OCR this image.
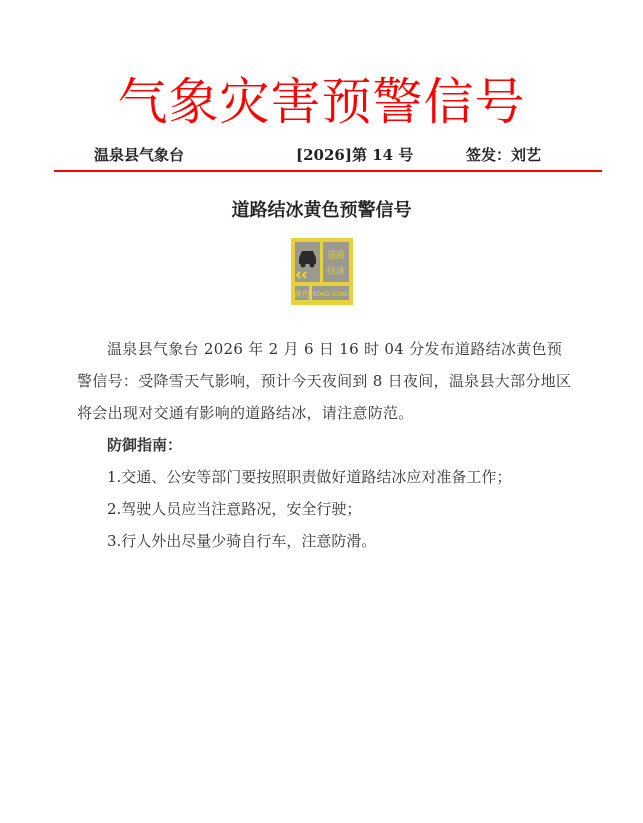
气象灾害预警信号
温泉县气象台	[2026]第 14 号	签发：刘艺
道路结冰黄色预警信号
道路
结冰
黄色 ROAD ICING

温泉县气象台 2026 年 2 月 6 日 16 时 04 分发布道路结冰黄色预警信号：受降雪天气影响，预计今天夜间到 8 日夜间，温泉县大部分地区将会出现对交通有影响的道路结冰，请注意防范。

防御指南：

1.交通、公安等部门要按照职责做好道路结冰应对准备工作；

2.驾驶人员应当注意路况，安全行驶；

3.行人外出尽量少骑自行车，注意防滑。
